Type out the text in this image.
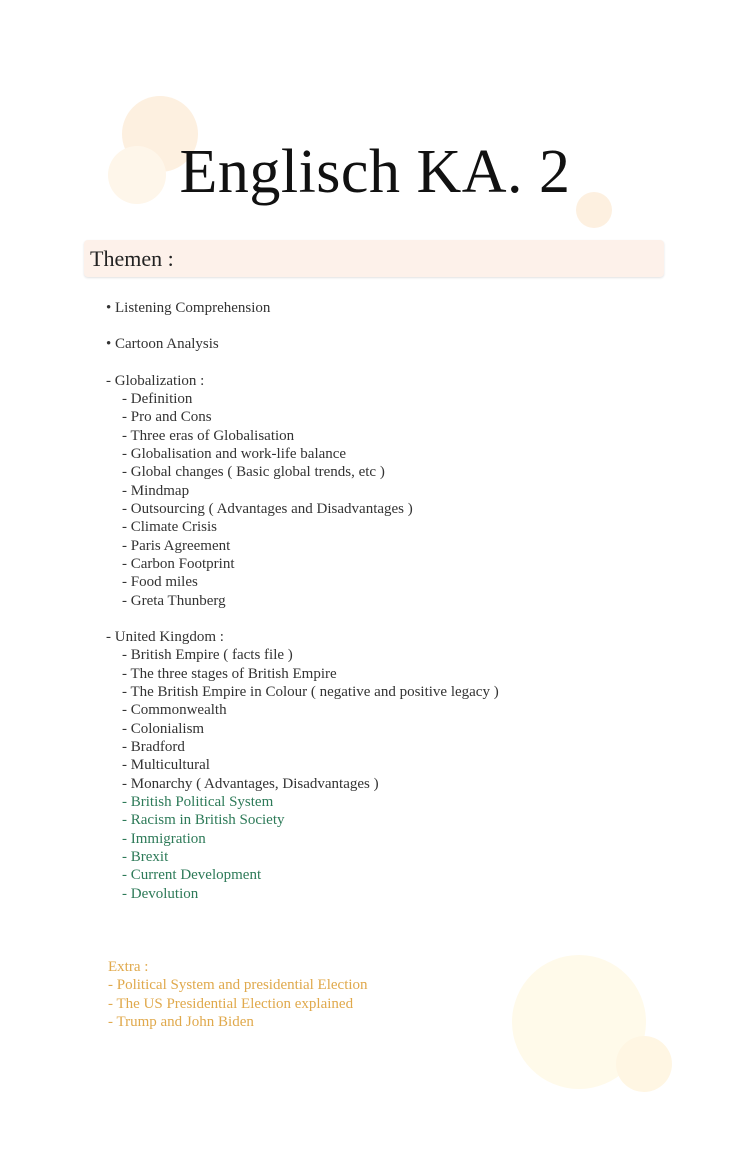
Englisch KA. 2
Themen :
• Listening Comprehension
• Cartoon Analysis
- Globalization :
- Definition
- Pro and Cons
- Three eras of Globalisation
- Globalisation and work-life balance
- Global changes ( Basic global trends, etc )
- Mindmap
- Outsourcing ( Advantages and Disadvantages )
- Climate Crisis
- Paris Agreement
- Carbon Footprint
- Food miles
- Greta Thunberg
- United Kingdom :
- British Empire ( facts file )
- The three stages of British Empire
- The British Empire in Colour ( negative and positive legacy )
- Commonwealth
- Colonialism
- Bradford
- Multicultural
- Monarchy ( Advantages, Disadvantages )
- British Political System
- Racism in British Society
- Immigration
- Brexit
- Current Development
- Devolution
Extra :
- Political System and presidential Election
- The US Presidential Election explained
- Trump and John Biden
